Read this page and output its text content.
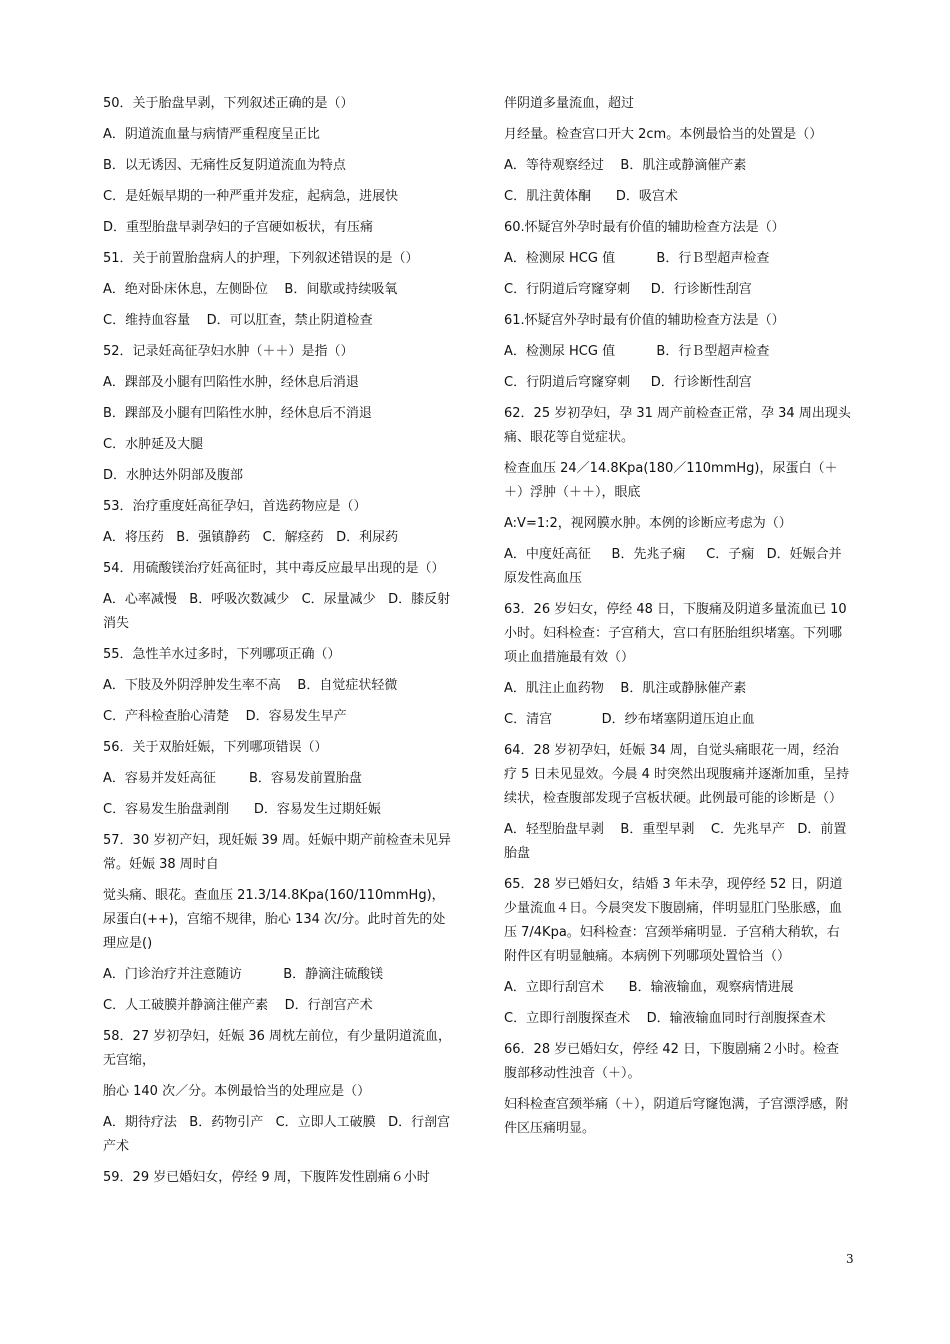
50．关于胎盘早剥，下列叙述正确的是（）
A．阴道流血量与病情严重程度呈正比
B．以无诱因、无痛性反复阴道流血为特点
C．是妊娠早期的一种严重并发症，起病急，进展快
D．重型胎盘早剥孕妇的子宫硬如板状，有压痛
51．关于前置胎盘病人的护理，下列叙述错误的是（）
A．绝对卧床休息，左侧卧位    B．间歇或持续吸氧
C．维持血容量    D．可以肛查，禁止阴道检查
52．记录妊高征孕妇水肿（＋＋）是指（）
A．踝部及小腿有凹陷性水肿，经休息后消退
B．踝部及小腿有凹陷性水肿，经休息后不消退
C．水肿延及大腿
D．水肿达外阴部及腹部
53．治疗重度妊高征孕妇，首选药物应是（）
A．将压药   B．强镇静药   C．解痉药   D．利尿药
54．用硫酸镁治疗妊高征时，其中毒反应最早出现的是（）
A．心率减慢   B．呼吸次数减少   C．尿量减少   D．膝反射消失
55．急性羊水过多时，下列哪项正确（）
A．下肢及外阴浮肿发生率不高    B．自觉症状轻微
C．产科检查胎心清楚    D．容易发生早产
56．关于双胎妊娠，下列哪项错误（）
A．容易并发妊高征        B．容易发前置胎盘
C．容易发生胎盘剥削      D．容易发生过期妊娠
57．30 岁初产妇，现妊娠 39 周。妊娠中期产前检查未见异常。妊娠 38 周时自
觉头痛、眼花。查血压 21.3/14.8Kpa(160/110mmHg)，尿蛋白(++)，宫缩不规律，胎心 134 次/分。此时首先的处理应是()
A．门诊治疗并注意随访          B．静滴注硫酸镁
C．人工破膜并静滴注催产素    D．行剖宫产术
58．27 岁初孕妇，妊娠 36 周枕左前位，有少量阴道流血，无宫缩，
胎心 140 次／分。本例最恰当的处理应是（）
A．期待疗法   B．药物引产   C．立即人工破膜   D．行剖宫产术
59．29 岁已婚妇女，停经 9 周，下腹阵发性剧痛６小时
伴阴道多量流血，超过
月经量。检查宫口开大 2cm。本例最恰当的处置是（）
A．等待观察经过    B．肌注或静滴催产素
C．肌注黄体酮      D．吸宫术
60.怀疑宫外孕时最有价值的辅助检查方法是（）
A．检测尿 HCG 值          B．行Ｂ型超声检查
C．行阴道后穹窿穿刺     D．行诊断性刮宫
61.怀疑宫外孕时最有价值的辅助检查方法是（）
A．检测尿 HCG 值          B．行Ｂ型超声检查
C．行阴道后穹窿穿刺     D．行诊断性刮宫
62．25 岁初孕妇，孕 31 周产前检查正常，孕 34 周出现头痛、眼花等自觉症状。
检查血压 24／14.8Kpa(180／110mmHg)，尿蛋白（＋＋）浮肿（＋＋），眼底
A:V=1:2，视网膜水肿。本例的诊断应考虑为（）
A．中度妊高征     B．先兆子痫     C．子痫   D．妊娠合并原发性高血压
63．26 岁妇女，停经 48 日，下腹痛及阴道多量流血已 10 小时。妇科检查：子宫稍大，宫口有胚胎组织堵塞。下列哪项止血措施最有效（）
A．肌注止血药物    B．肌注或静脉催产素
C．清宫            D．纱布堵塞阴道压迫止血
64．28 岁初孕妇，妊娠 34 周，自觉头痛眼花一周，经治疗 5 日未见显效。今晨 4 时突然出现腹痛并逐渐加重，呈持续状，检查腹部发现子宫板状硬。此例最可能的诊断是（）
A．轻型胎盘早剥    B．重型早剥    C．先兆早产   D．前置胎盘
65．28 岁已婚妇女，结婚 3 年未孕，现停经 52 日，阴道少量流血４日。今晨突发下腹剧痛，伴明显肛门坠胀感，血压 7/4Kpa。妇科检查：宫颈举痛明显．子宫稍大稍软，右附件区有明显触痛。本病例下列哪项处置恰当（）
A．立即行刮宫术      B．输液输血，观察病情进展
C．立即行剖腹探查术    D．输液输血同时行剖腹探查术
66．28 岁已婚妇女，停经 42 日，下腹剧痛２小时。检查腹部移动性浊音（＋）。
妇科检查宫颈举痛（＋），阴道后穹窿饱满，子宫漂浮感，附件区压痛明显。
3
